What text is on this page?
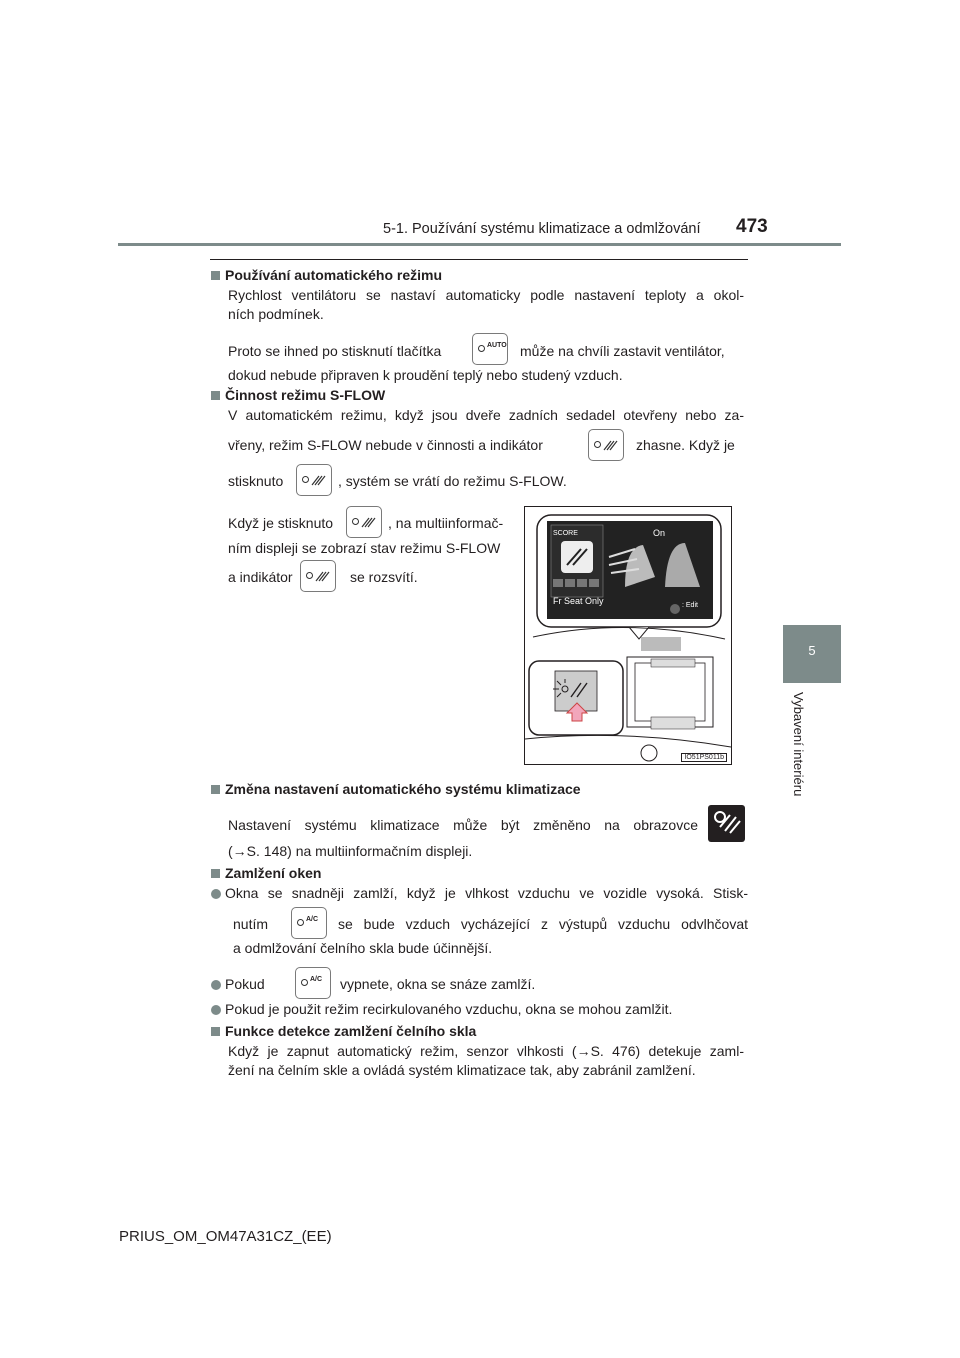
5-1. Používání systému klimatizace a odmlžování 473
5
Vybavení interiéru
Používání automatického režimu
Rychlost ventilátoru se nastaví automaticky podle nastavení teploty a okol-
ních podmínek.
Proto se ihned po stisknutí tlačítka	AUTO může na chvíli zastavit ventilátor,
dokud nebude připraven k proudění teplý nebo studený vzduch.
Činnost režimu S-FLOW
V automatickém režimu, když jsou dveře zadních sedadel otevřeny nebo za-
vřeny, režim S-FLOW nebude v činnosti a indikátor	zhasne. Když je
stisknuto	, systém se vrátí do režimu S-FLOW.
Když je stisknuto	, na multiinformač-
ním displeji se zobrazí stav režimu S-FLOW
a indikátor	se rozsvítí.
SCORE	On
Fr Seat Only	: Edit
IO51PS011b
Změna nastavení automatického systému klimatizace
Nastavení systému klimatizace může být změněno na obrazovce
(→S. 148) na multiinformačním displeji.
Zamlžení oken
Okna se snadněji zamlží, když je vlhkost vzduchu ve vozidle vysoká. Stisk-
nutím	A/C se bude vzduch vycházející z výstupů vzduchu odvlhčovat
a odmlžování čelního skla bude účinnější.
Pokud	A/C vypnete, okna se snáze zamlží.
Pokud je použit režim recirkulovaného vzduchu, okna se mohou zamlžit.
Funkce detekce zamlžení čelního skla
Když je zapnut automatický režim, senzor vlhkosti (→S. 476) detekuje zaml-
žení na čelním skle a ovládá systém klimatizace tak, aby zabránil zamlžení.
PRIUS_OM_OM47A31CZ_(EE)
